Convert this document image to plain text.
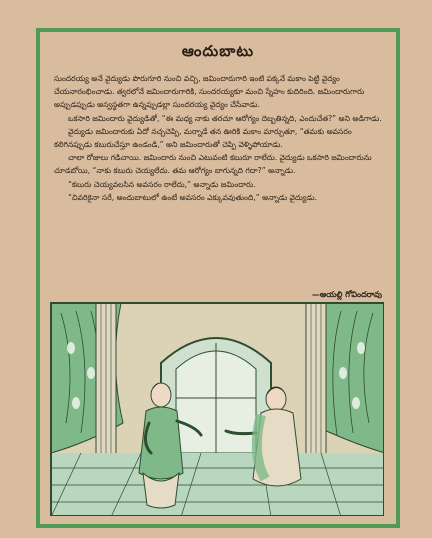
ఆందుబాటు

సుందరయ్య అనే వైద్యుడు పొరుగూరి నుంచి వచ్చి, జమిందారుగారి ఇంటి పక్కనే మకాం పెట్టి వైద్యం చేయనారంభించాడు. త్వరలోనే జమిందారుగారికి, సుందరయ్యకూ మంచి స్నేహం కుదిరింది. జమిందారుగారు అప్పుడప్పుడు అస్వస్థతగా ఉన్నప్పుడల్లా సుందరయ్య వైద్యం చేసేవాడు.

ఒకసారి జమిందారు వైద్యుడితో, “ఈ మధ్య నాకు తరచూ ఆరోగ్యం దెబ్బతిన్నది, ఎందుచేత?” అని అడిగాడు.

వైద్యుడు జమిందారుకు ఏదో నచ్చచెప్పి, మర్నాడే తన ఊరికి మకాం మార్చుతూ, “తమకు అవసరం కలిగినప్పుడు కబురుచేస్తూ ఉండండి,” అని జమిందారుతో చెప్పి వెళ్ళిపోయాడు.

చాలా రోజులు గడిచాయి. జమిందారు నుంచి ఎటువంటి కబురూ రాలేదు. వైద్యుడు ఒకసారి జమిందారును చూడబోయి, “నాకు కబురు చెయ్యలేదు. తమ ఆరోగ్యం బాగున్నది గదా?” అన్నాడు.

“కబురు చెయ్యవలసిన అవసరం రాలేదు,” అన్నాడు జమిందారు.

“చివరికైనా సరే, అందుబాటులో ఉంటే అవసరం ఎక్కువవుతుంది,” అన్నాడు వైద్యుడు.

—అయల్లి గోవిందరావు
